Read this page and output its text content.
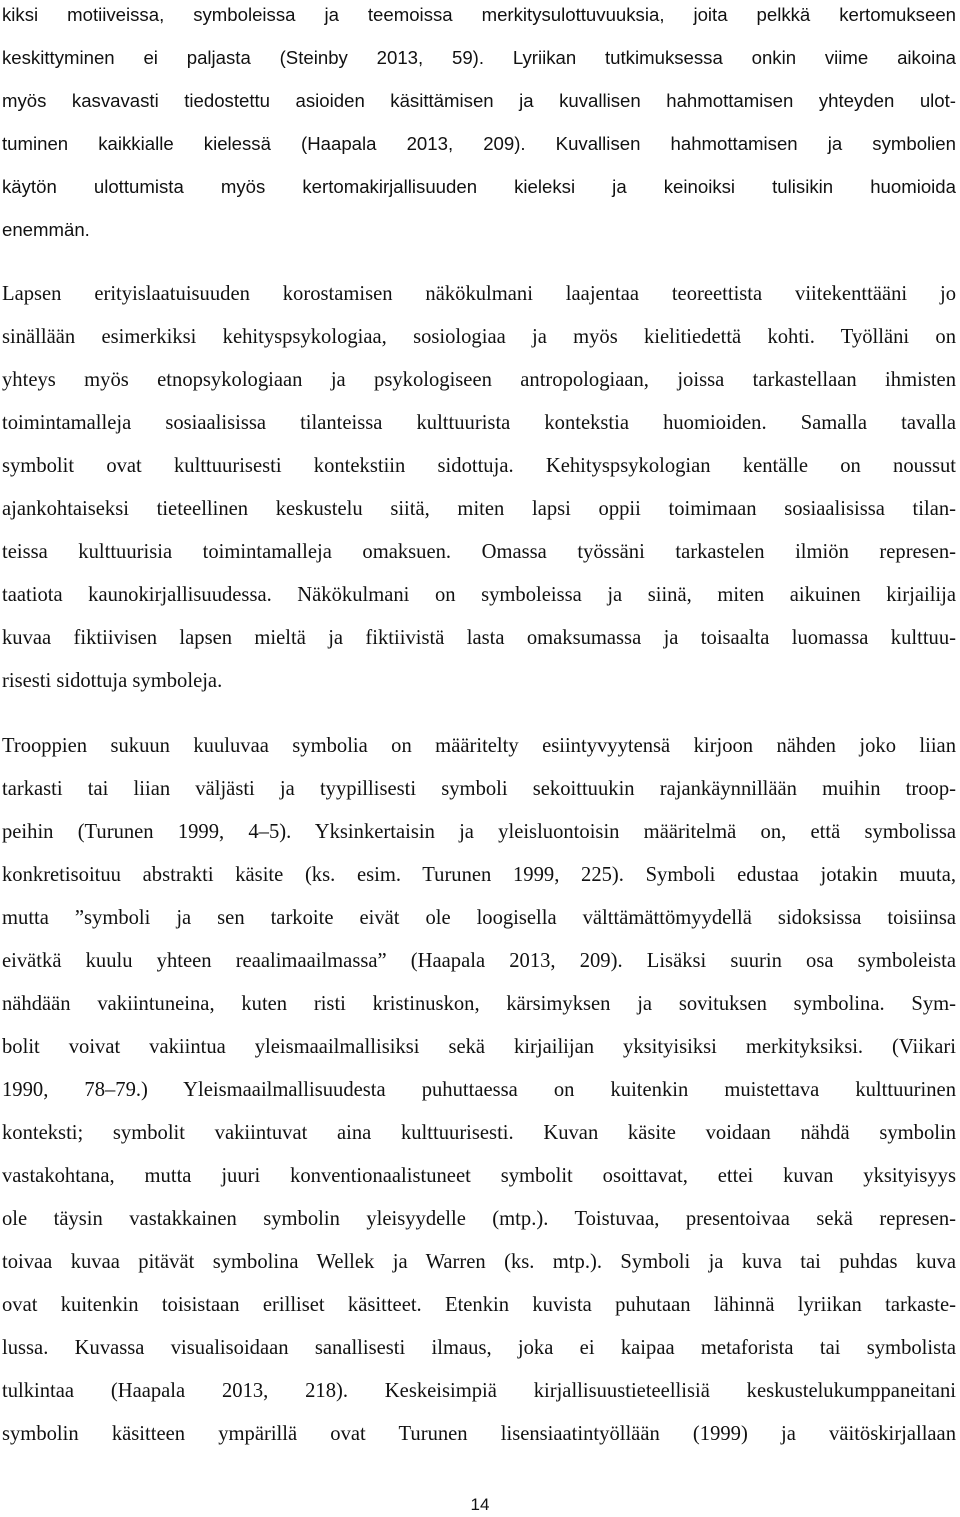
kiksi motiiveissa, symboleissa ja teemoissa merkitysulottuvuuksia, joita pelkkä kertomukseen
keskittyminen ei paljasta (Steinby 2013, 59). Lyriikan tutkimuksessa onkin viime aikoina
myös kasvavasti tiedostettu asioiden käsittämisen ja kuvallisen hahmottamisen yhteyden ulot-
tuminen kaikkialle kielessä (Haapala 2013, 209). Kuvallisen hahmottamisen ja symbolien
käytön ulottumista myös kertomakirjallisuuden kieleksi ja keinoiksi tulisikin huomioida
enemmän.
Lapsen erityislaatuisuuden korostamisen näkökulmani laajentaa teoreettista viitekenttääni jo
sinällään esimerkiksi kehityspsykologiaa, sosiologiaa ja myös kielitiedettä kohti. Työlläni on
yhteys myös etnopsykologiaan ja psykologiseen antropologiaan, joissa tarkastellaan ihmisten
toimintamalleja sosiaalisissa tilanteissa kulttuurista kontekstia huomioiden. Samalla tavalla
symbolit ovat kulttuurisesti kontekstiin sidottuja. Kehityspsykologian kentälle on noussut
ajankohtaiseksi tieteellinen keskustelu siitä, miten lapsi oppii toimimaan sosiaalisissa tilan-
teissa kulttuurisia toimintamalleja omaksuen. Omassa työssäni tarkastelen ilmiön represen-
taatiota kaunokirjallisuudessa. Näkökulmani on symboleissa ja siinä, miten aikuinen kirjailija
kuvaa fiktiivisen lapsen mieltä ja fiktiivistä lasta omaksumassa ja toisaalta luomassa kulttuu-
risesti sidottuja symboleja.
Trooppien sukuun kuuluvaa symbolia on määritelty esiintyvyytensä kirjoon nähden joko liian
tarkasti tai liian väljästi ja tyypillisesti symboli sekoittuukin rajankäynnillään muihin troop-
peihin (Turunen 1999, 4–5). Yksinkertaisin ja yleisluontoisin määritelmä on, että symbolissa
konkretisoituu abstrakti käsite (ks. esim. Turunen 1999, 225). Symboli edustaa jotakin muuta,
mutta ”symboli ja sen tarkoite eivät ole loogisella välttämättömyydellä sidoksissa toisiinsa
eivätkä kuulu yhteen reaalimaailmassa” (Haapala 2013, 209). Lisäksi suurin osa symboleista
nähdään vakiintuneina, kuten risti kristinuskon, kärsimyksen ja sovituksen symbolina. Sym-
bolit voivat vakiintua yleismaailmallisiksi sekä kirjailijan yksityisiksi merkityksiksi. (Viikari
1990, 78–79.) Yleismaailmallisuudesta puhuttaessa on kuitenkin muistettava kulttuurinen
konteksti; symbolit vakiintuvat aina kulttuurisesti. Kuvan käsite voidaan nähdä symbolin
vastakohtana, mutta juuri konventionaalistuneet symbolit osoittavat, ettei kuvan yksityisyys
ole täysin vastakkainen symbolin yleisyydelle (mtp.). Toistuvaa, presentoivaa sekä represen-
toivaa kuvaa pitävät symbolina Wellek ja Warren (ks. mtp.). Symboli ja kuva tai puhdas kuva
ovat kuitenkin toisistaan erilliset käsitteet. Etenkin kuvista puhutaan lähinnä lyriikan tarkaste-
lussa. Kuvassa visualisoidaan sanallisesti ilmaus, joka ei kaipaa metaforista tai symbolista
tulkintaa (Haapala 2013, 218). Keskeisimpiä kirjallisuustieteellisiä keskustelukumppaneitani
symbolin käsitteen ympärillä ovat Turunen lisensiaatintyöllään (1999) ja väitöskirjallaan
14
